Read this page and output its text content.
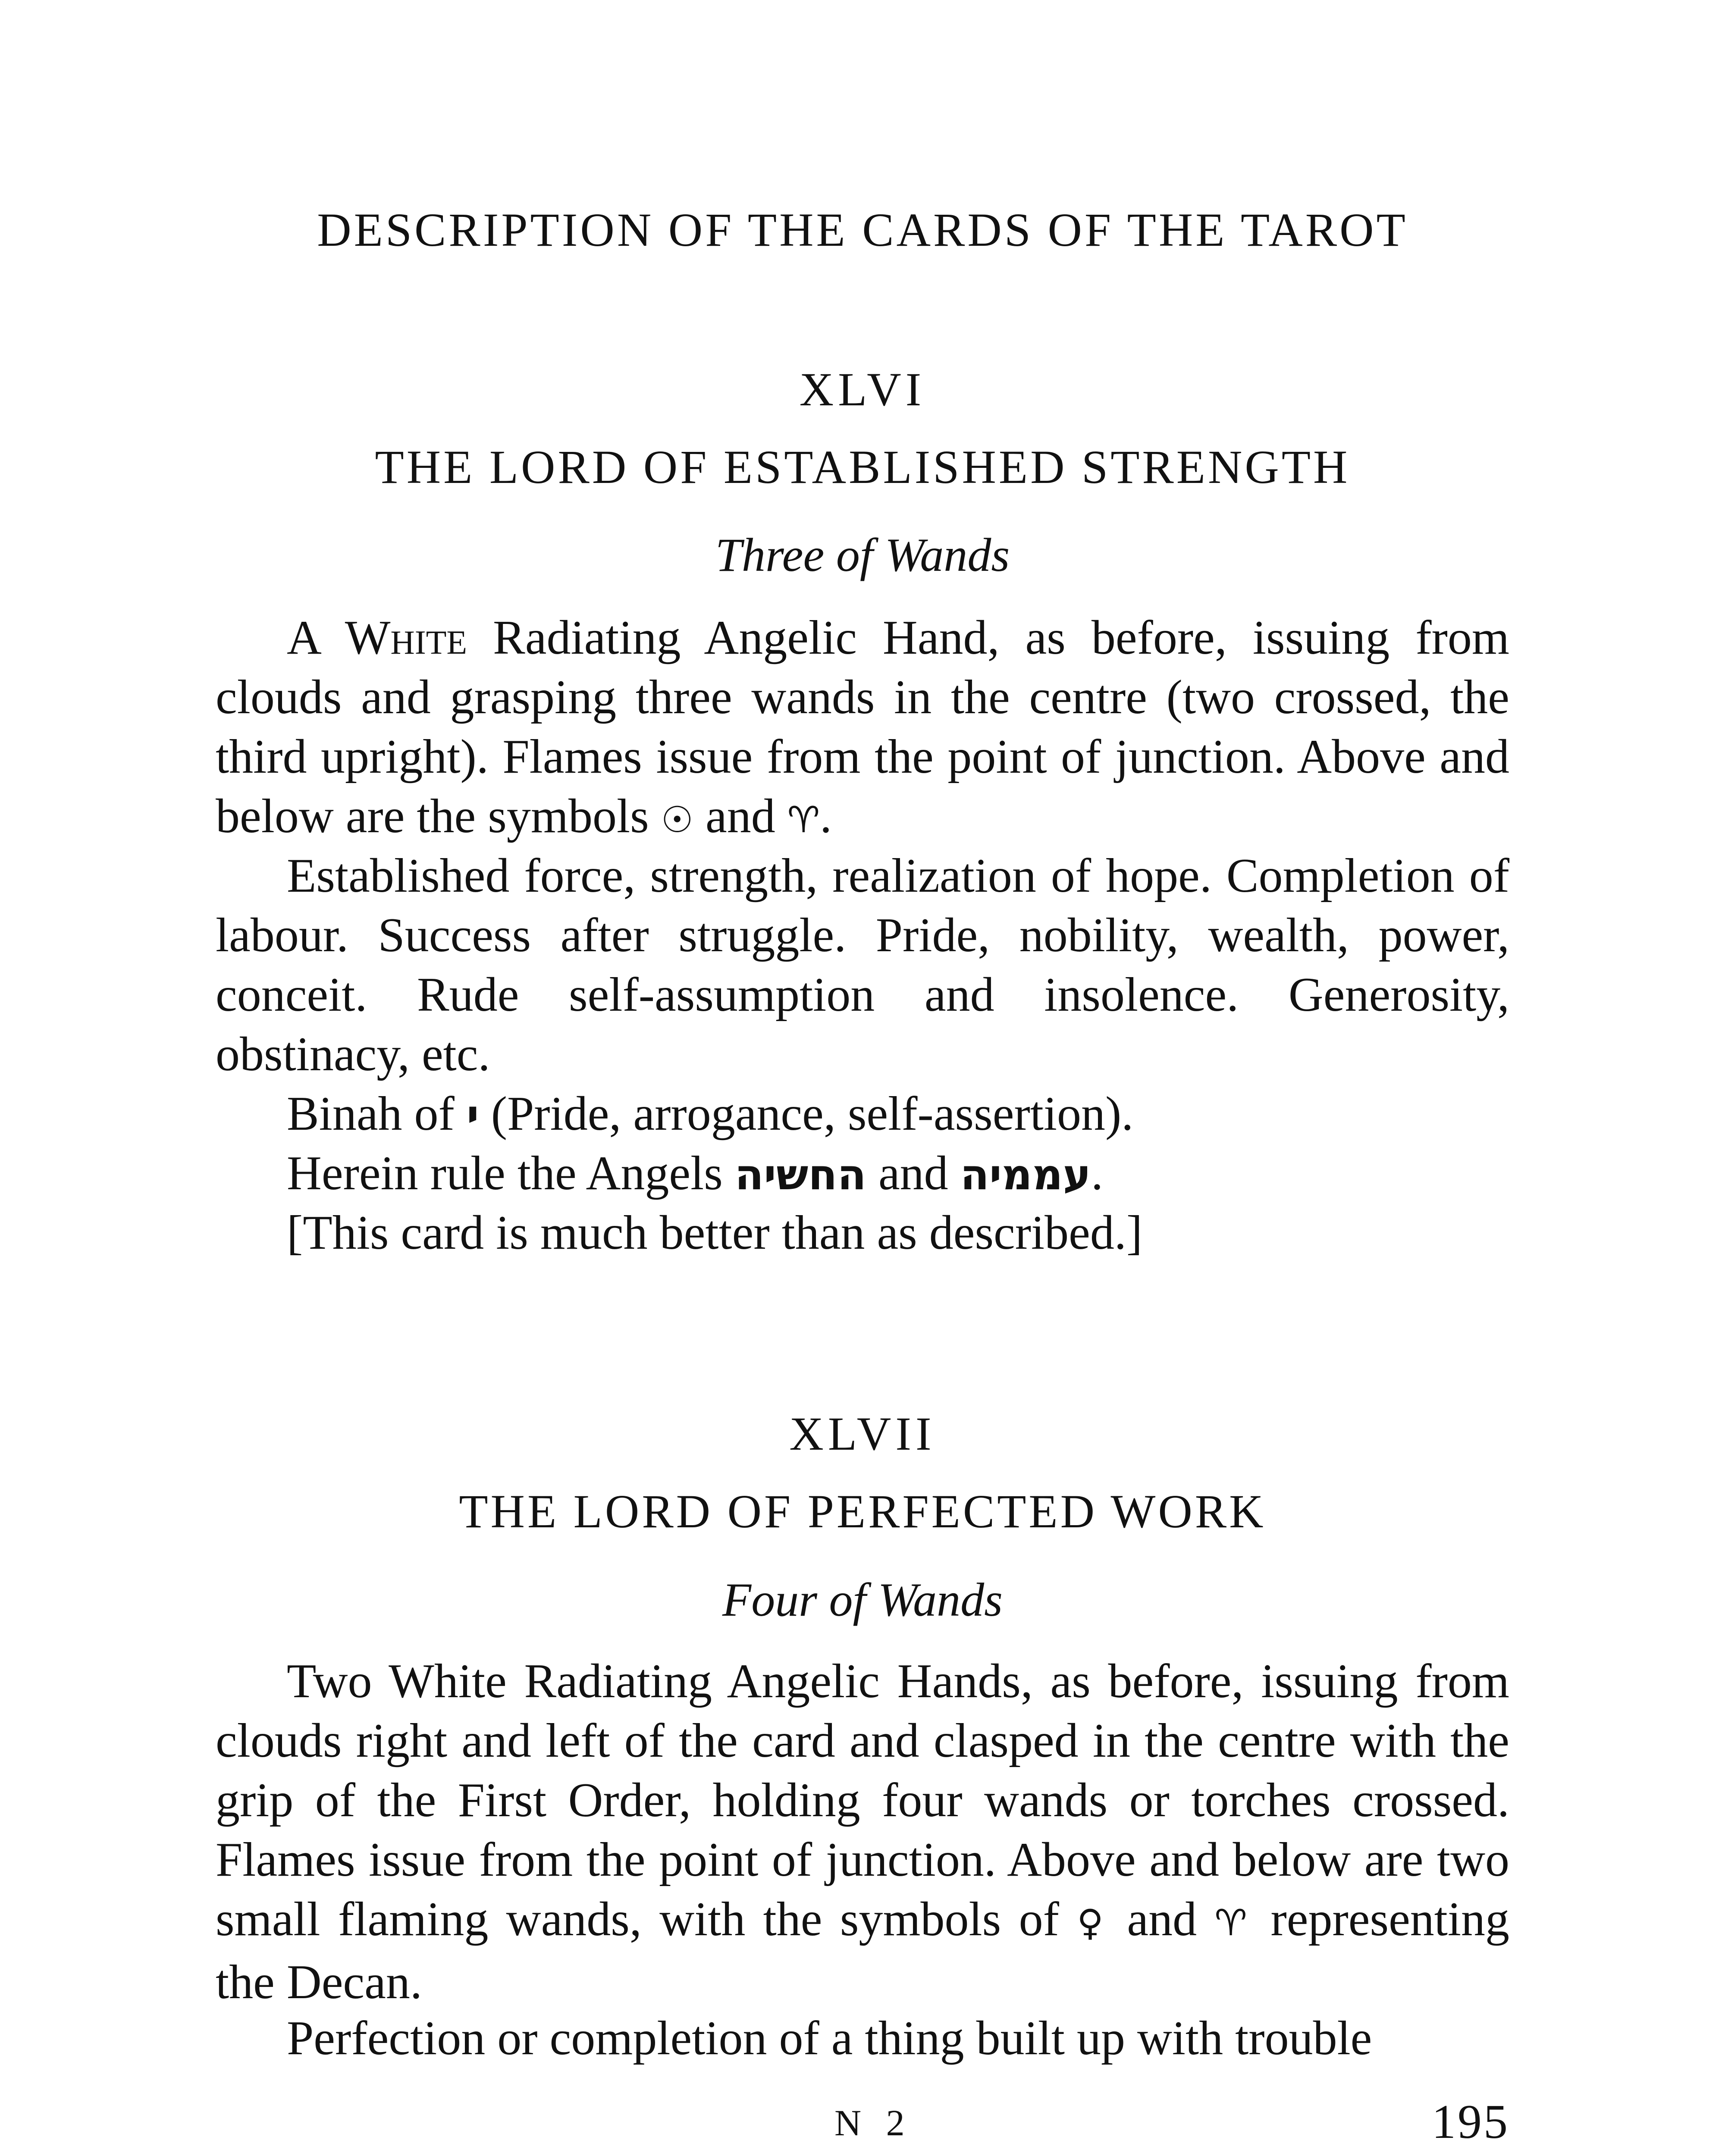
DESCRIPTION OF THE CARDS OF THE TAROT
XLVI
THE LORD OF ESTABLISHED STRENGTH
Three of Wands

A White Radiating Angelic Hand, as before, issuing from clouds and grasping three wands in the centre (two crossed, the third upright). Flames issue from the point of junction. Above and below are the symbols ☉ and ♈.

Established force, strength, realization of hope. Completion of labour. Success after struggle. Pride, nobility, wealth, power, conceit. Rude self-assumption and insolence. Generosity, obstinacy, etc.

Binah of י (Pride, arrogance, self-assertion).

Herein rule the Angels החשיה and עממיה.

[This card is much better than as described.]

XLVII
THE LORD OF PERFECTED WORK
Four of Wands

Two White Radiating Angelic Hands, as before, issuing from clouds right and left of the card and clasped in the centre with the grip of the First Order, holding four wands or torches crossed. Flames issue from the point of junction. Above and below are two small flaming wands, with the symbols of ♀ and ♈ representing the Decan.

Perfection or completion of a thing built up with trouble

N 2	195
